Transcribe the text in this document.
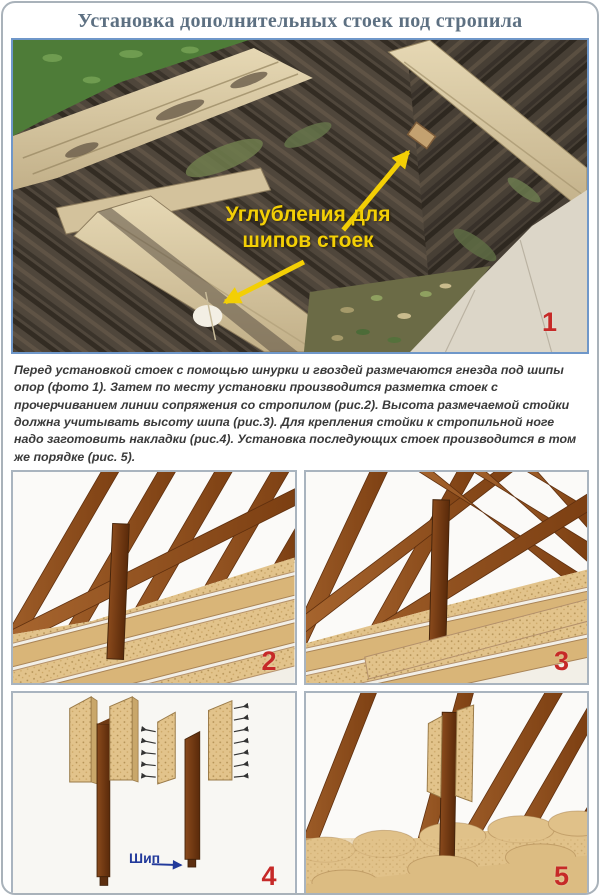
Установка дополнительных стоек под стропила
Углубления для
шипов стоек
1

Перед установкой стоек с помощью шнурки и гвоздей размечаются гнезда под шипы опор (фото 1). Затем по месту установки производится разметка стоек с прочерчиванием линии сопряжения со стропилом (рис.2). Высота размечаемой стойки должна учитывать высоту шипа (рис.3). Для крепления стойки к стропильной ноге надо заготовить накладки (рис.4). Установка последующих стоек производится в том же порядке (рис. 5).

2	3
Шип
4	5
